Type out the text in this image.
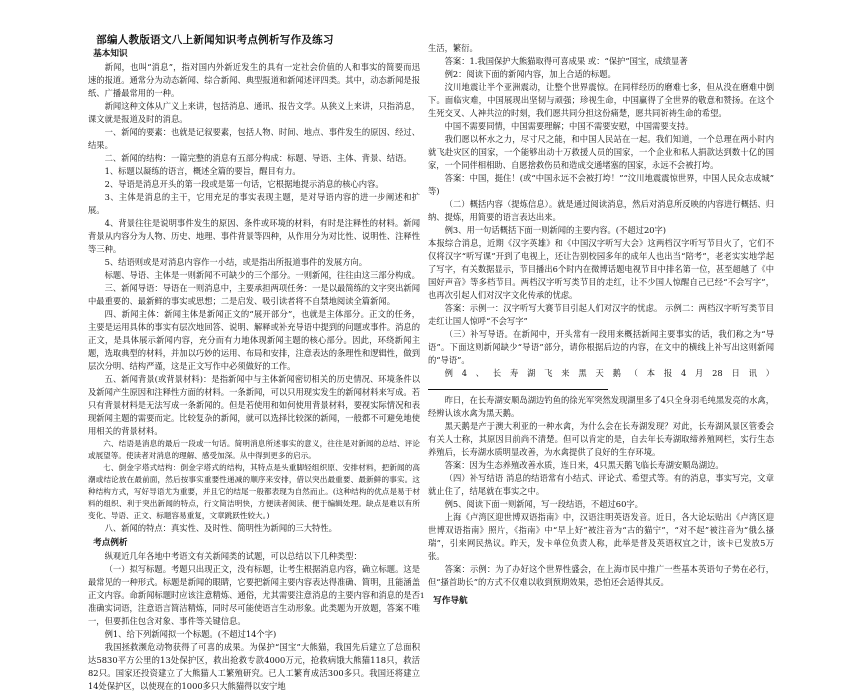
部编人教版语文八上新闻知识考点例析写作及练习
基本知识

新闻，也叫“消息”，指对国内外新近发生的具有一定社会价值的人和事实的简要而迅速的报道。通常分为动态新闻、综合新闻、典型报道和新闻述评四类。其中，动态新闻是报纸、广播最常用的一种。

新闻这种文体从广义上来讲，包括消息、通讯、报告文学。从狭义上来讲，只指消息，课文就是报道及时的消息。

一、新闻的要素：也就是记叙要素，包括人物、时间、地点、事件发生的原因、经过、结果。

二、新闻的结构：一篇完整的消息有五部分构成：标题、导语、主体、背景、结语。

1、标题以凝练的语言，概述全篇的要旨，醒目有力。

2、导语是消息开头的第一段或是第一句话，它根据地提示消息的核心内容。

3、主体是消息的主干，它用充足的事实表现主题，是对导语内容的进一步阐述和扩展。

4、背景往往是说明事件发生的原因、条件或环境的材料，有时是注释性的材料。新闻背景从内容分为人物、历史、地理、事件背景等四种，从作用分为对比性、说明性、注释性等三种。

5、结语则或是对消息内容作一小结，或是指出所报道事件的发展方向。

标题、导语、主体是一则新闻不可缺少的三个部分。一则新闻，往往由这三部分构成。

三、新闻导语：导语在一则消息中，主要承担两项任务：一是以最简练的文字突出新闻中最重要的、最新鲜的事实或思想；二是启发、吸引读者将不自禁地阅读全篇新闻。

四、新闻主体：新闻主体是新闻正文的“展开部分”，也就是主体部分。正文的任务，主要是运用具体的事实有层次地回答、说明、解释或补充导语中提到的问题或事件。消息的正文，是具体展示新闻内容，充分而有力地体现新闻主题的核心部分。因此，环绕新闻主题，选取典型的材料，并加以巧妙的运用、布局和安排，注意表达的条理性和逻辑性，做到层次分明、结构严谨，这是正文写作中必须做好的工作。

五、新闻背景(或背景材料)：是指新闻中与主体新闻密切相关的历史情况、环境条件以及新闻产生原因和注释性方面的材料。一条新闻，可以只用现实发生的新闻材料来写成。若只有背景材料是无法写成一条新闻的。但是若使用和如何使用背景材料，要视实际情况和表现新闻主题的需要而定。比较复杂的新闻，就可以选择比较深的新闻，一般都不可避免地使用相关的背景材料。

六、结语是消息的最后一段或一句话。简明消息所述事实的意义，往往是对新闻的总结、评论或展望等。使读者对消息的理解、感受加深。从中得到更多的启示。

七、倒金字塔式结构：倒金字塔式的结构，其特点是头重脚轻组织原、安排材料，把新闻的高潮或结论放在最前面，然后按事实重要性递减的顺序来安排，借以突出最重要、最新鲜的事实。这种结构方式，写好导语尤为重要，并且它的结尾一般都表现为自然而止。(这种结构的优点是易于材料的组织、利于突出新闻的特点，行文简洁明快，方便读者阅读、便于编辑处理。缺点是难以有所变化、导语、正文、标题容易重复，文章跳跃性较大。)

八、新闻的特点：真实性、及时性、简明性为新闻的三大特性。

考点例析

纵观近几年各地中考语文有关新闻类的试题，可以总结以下几种类型：

（一）拟写标题。考题只出现正文，没有标题，让考生根据消息内容，确立标题。这是最常见的一种形式。标题是新闻的眼睛，它要把新闻主要内容表达得准确、简明，且能涵盖正文内容。命新闻标题时应该注意精炼、通俗，尤其需要注意消息的主要内容和消息的是否准确实词语，注意语言简洁精炼，同时尽可能使语言生动形象。此类题为开放题，答案不唯一，但要抓住包含对象、事件等关键信息。

例1、给下列新闻拟一个标题。(不超过14个字)

我国拯救濒危动物获得了可喜的成果。为保护“国宝”大熊猫，我国先后建立了总面积达5830平方公里的13处保护区，救出抢救专款4000万元，抢救病饿大熊猫118只，救活82只。国家还投资建立了大熊猫人工繁殖研究。已人工繁育成活300多只。我国还将建立14处保护区，以使现在的1000多只大熊猫得以安宁地

生活，繁衍。

答案：1.我国保护大熊猫取得可喜成果 或：“保护”国宝，成绩显著

例2：阅读下面的新闻内容，加上合适的标题。

汶川地震让半个亚洲震动，让整个世界震惊。在同样经历的磨难七多，但从没在磨难中倒下。面临灾难，中国展现出坚韧与顽强；珍视生命，中国赢得了全世界的敬意和赞扬。在这个生死交叉、人神共泣的时刻，我们愿共同分担这份痛楚，愿共同祈祷生命的希望。

中国不需要同情，中国需要理解；中国不需要安慰，中国需要支持。

我们愿以杯水之力，尽寸尺之能，和中国人民站在一起。我们知道，一个总理在两小时内就飞赴灾区的国家，一个能够出动十万救援人员的国家，一个企业和私人捐款达到数十亿的国家，一个同伴相相助、自愿捨救伤员和造成交通堵塞的国家，永远不会被打垮。

答案：中国，挺住！(或“中国永远不会被打垮！”“汶川地震震惊世界，中国人民众志成城” 等)

（二）概括内容（提炼信息）。就是通过阅读消息，然后对消息所反映的内容进行概括、归纳、提炼，用简要的语言表达出来。

例3、用一句话概括下面一则新闻的主要内容。(不超过20字)

本报综合消息，近期《汉字英雄》和《中国汉字听写大会》这两档汉字听写节目火了，它们不仅将汉字“听写课”开到了电视上，还让告别校园多年的成年人也出当“陪考”，老老实实地学起了写字，有关数据显示，节目播出6个时内在微博话题电视节目中排名第一位，甚至超越了《中国好声音》等多档节目。两档汉字听写类节目的走红，让不少国人惊醒自己已经“不会写字”，也再次引起人们对汉字文化传承的忧虑。

答案：示例一：汉字听写大赛节目引起人们对汉字的忧虑。 示例二：两档汉字听写类节目走红让国人惊呼“不会写字”

（三）补写导语。在新闻中，开头常有一段用来概括新闻主要事实的话，我们称之为“导语”。下面这则新闻缺少“导语”部分，请你根据后边的内容，在文中的横线上补写出这则新闻的“导语”。

例4、长寿湖飞来黑天鹅（本报4月28日讯）

昨日，在长寿湖安顺岛湖边钓鱼的徐光军突然发现湖里多了4只全身羽毛纯黑发亮的水禽，经辨认该水禽为黑天鹅。

黑天鹅是产于澳大利亚的一种水禽，为什么会在长寿湖发现？对此，长寿湖风景区管委会有关人士称，其原因目前尚不清楚。但可以肯定的是，自去年长寿湖取缔养殖网栏，实行生态养殖后，长寿湖水质明显改善，为水禽提供了良好的生存环境。

答案：因为生态养殖改善水质，连日来，4只黑天鹅飞临长寿湖安顺岛湖边。

（四）补写结语 消息的结语常有小结式、评论式、希望式等。有的消息，事实写完，文章就止住了，结尾就在事实之中。

例5、阅读下面一则新闻，写一段结语，不超过60字。

上海《卢湾区迎世博双语指南》中，汉语注明英语发音。近日，各大论坛贴出《卢湾区迎世博双语指南》照片，《指南》中“早上好”被注音为“古的猫宁”，“对不起”被注音为“俄么搔瑞”，引来网民热议。昨天，发卡单位负责人称，此举是普及英语权宜之计，该卡已发放5万张。

答案：示例：为了办好这个世界性盛会，在上海市民中推广一些基本英语句子势在必行，但“搔首助长”的方式不仅难以收到预期效果，恐怕还会适得其反。

写作导航
1
